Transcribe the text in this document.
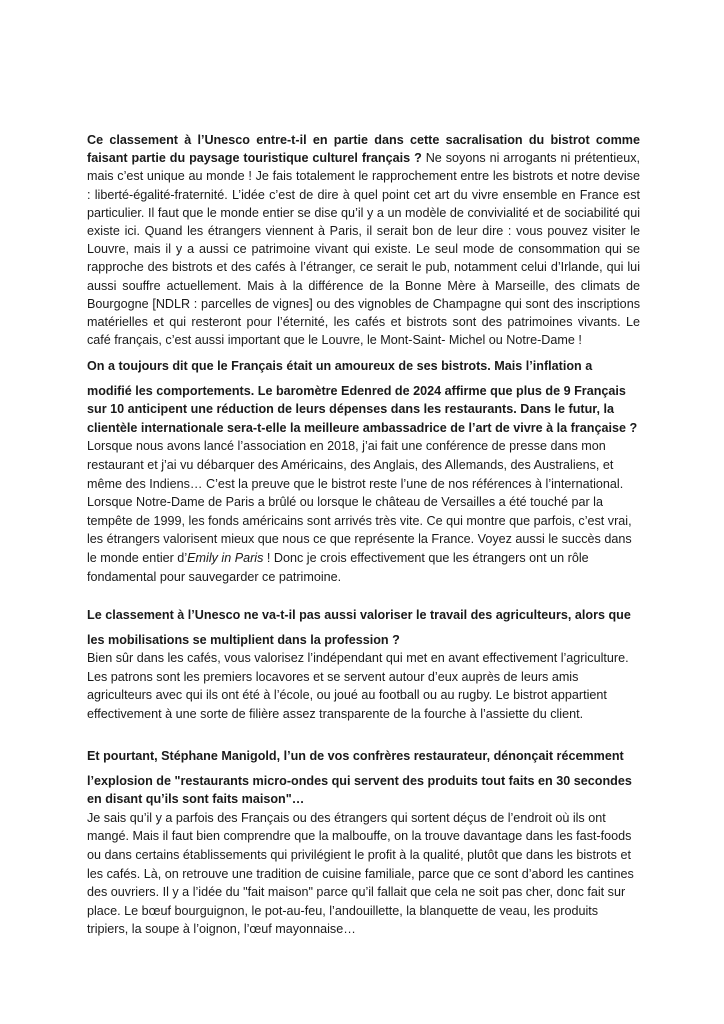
Ce classement à l’Unesco entre-t-il en partie dans cette sacralisation du bistrot comme faisant partie du paysage touristique culturel français ? Ne soyons ni arrogants ni prétentieux, mais c’est unique au monde ! Je fais totalement le rapprochement entre les bistrots et notre devise : liberté-égalité-fraternité. L’idée c’est de dire à quel point cet art du vivre ensemble en France est particulier. Il faut que le monde entier se dise qu’il y a un modèle de convivialité et de sociabilité qui existe ici. Quand les étrangers viennent à Paris, il serait bon de leur dire : vous pouvez visiter le Louvre, mais il y a aussi ce patrimoine vivant qui existe. Le seul mode de consommation qui se rapproche des bistrots et des cafés à l’étranger, ce serait le pub, notamment celui d’Irlande, qui lui aussi souffre actuellement. Mais à la différence de la Bonne Mère à Marseille, des climats de Bourgogne [NDLR : parcelles de vignes] ou des vignobles de Champagne qui sont des inscriptions matérielles et qui resteront pour l’éternité, les cafés et bistrots sont des patrimoines vivants. Le café français, c’est aussi important que le Louvre, le Mont-Saint- Michel ou Notre-Dame !

On a toujours dit que le Français était un amoureux de ses bistrots. Mais l’inflation a
modifié les comportements. Le baromètre Edenred de 2024 affirme que plus de 9 Français sur 10 anticipent une réduction de leurs dépenses dans les restaurants. Dans le futur, la clientèle internationale sera-t-elle la meilleure ambassadrice de l’art de vivre à la française ?
Lorsque nous avons lancé l’association en 2018, j’ai fait une conférence de presse dans mon restaurant et j’ai vu débarquer des Américains, des Anglais, des Allemands, des Australiens, et même des Indiens… C’est la preuve que le bistrot reste l’une de nos références à l’international. Lorsque Notre-Dame de Paris a brûlé ou lorsque le château de Versailles a été touché par la tempête de 1999, les fonds américains sont arrivés très vite. Ce qui montre que parfois, c’est vrai, les étrangers valorisent mieux que nous ce que représente la France. Voyez aussi le succès dans le monde entier d’Emily in Paris ! Donc je crois effectivement que les étrangers ont un rôle fondamental pour sauvegarder ce patrimoine.
Le classement à l’Unesco ne va-t-il pas aussi valoriser le travail des agriculteurs, alors que
les mobilisations se multiplient dans la profession ?
Bien sûr dans les cafés, vous valorisez l’indépendant qui met en avant effectivement l’agriculture. Les patrons sont les premiers locavores et se servent autour d’eux auprès de leurs amis agriculteurs avec qui ils ont été à l’école, ou joué au football ou au rugby. Le bistrot appartient effectivement à une sorte de filière assez transparente de la fourche à l’assiette du client.
Et pourtant, Stéphane Manigold, l’un de vos confrères restaurateur, dénonçait récemment
l’explosion de "restaurants micro-ondes qui servent des produits tout faits en 30 secondes en disant qu’ils sont faits maison"…
Je sais qu’il y a parfois des Français ou des étrangers qui sortent déçus de l’endroit où ils ont mangé. Mais il faut bien comprendre que la malbouffe, on la trouve davantage dans les fast-foods ou dans certains établissements qui privilégient le profit à la qualité, plutôt que dans les bistrots et les cafés. Là, on retrouve une tradition de cuisine familiale, parce que ce sont d’abord les cantines des ouvriers. Il y a l’idée du "fait maison" parce qu’il fallait que cela ne soit pas cher, donc fait sur place. Le bœuf bourguignon, le pot-au-feu, l’andouillette, la blanquette de veau, les produits tripiers, la soupe à l’oignon, l’œuf mayonnaise…
